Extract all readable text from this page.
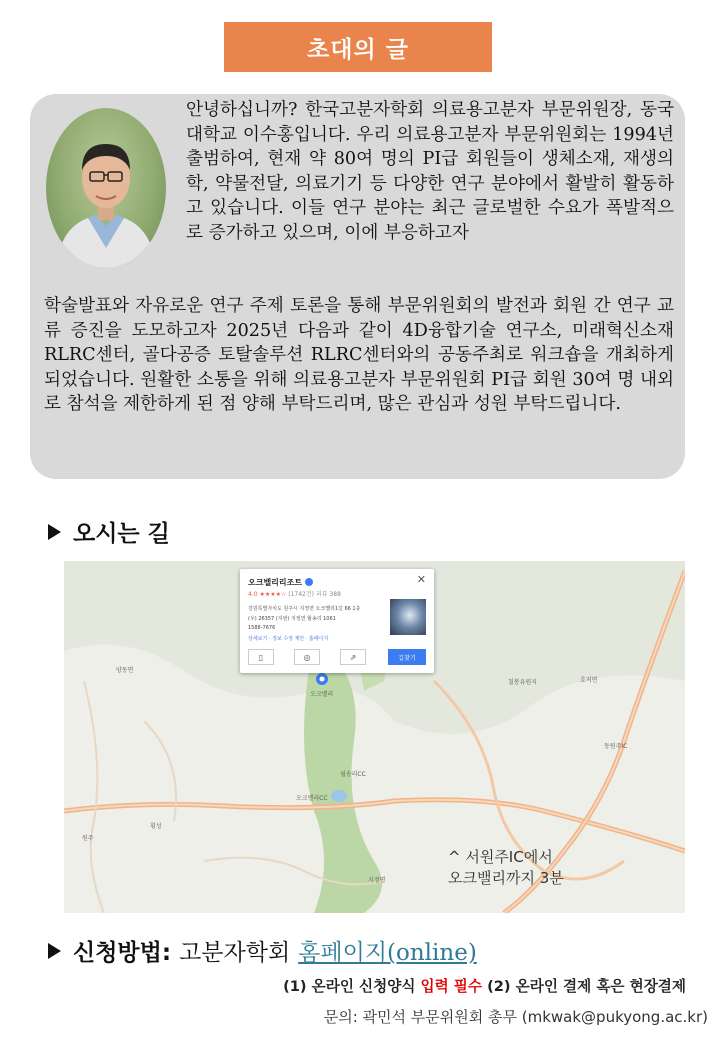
초대의 글

안녕하십니까? 한국고분자학회 의료용고분자 부문위원장, 동국대학교 이수홍입니다. 우리 의료용고분자 부문위원회는 1994년 출범하여, 현재 약 80여 명의 PI급 회원들이 생체소재, 재생의학, 약물전달, 의료기기 등 다양한 연구 분야에서 활발히 활동하고 있습니다. 이들 연구 분야는 최근 글로벌한 수요가 폭발적으로 증가하고 있으며, 이에 부응하고자

학술발표와 자유로운 연구 주제 토론을 통해 부문위원회의 발전과 회원 간 연구 교류 증진을 도모하고자 2025년 다음과 같이 4D융합기술 연구소, 미래혁신소재 RLRC센터, 골다공증 토탈솔루션 RLRC센터와의 공동주최로 워크숍을 개최하게 되었습니다. 원활한 소통을 위해 의료용고분자 부문위원회 PI급 회원 30여 명 내외로 참석을 제한하게 된 점 양해 부탁드리며, 많은 관심과 성원 부탁드립니다.

오시는 길
오크밸리리조트	✕
4.0 ★★★★☆ (1742건) 리뷰 388
강원특별자치도 원주시 지정면 오크밸리1길 66 1층
(우) 26357 (지번) 지정면 월송리 1061
1588-7676
상세보기 · 정보 수정 제안 · 홈페이지
▯	◎	⇗	길찾기
양동면
오크밸리
월송리CC
오크밸리CC
지정면
호저면
칠봉유원지
동원주IC
횡성
원주
^ 서원주IC에서
오크밸리까지 3분
신청방법: 고분자학회 홈페이지(online)
(1) 온라인 신청양식 입력 필수 (2) 온라인 결제 혹은 현장결제
문의: 곽민석 부문위원회 총무 (mkwak@pukyong.ac.kr)
